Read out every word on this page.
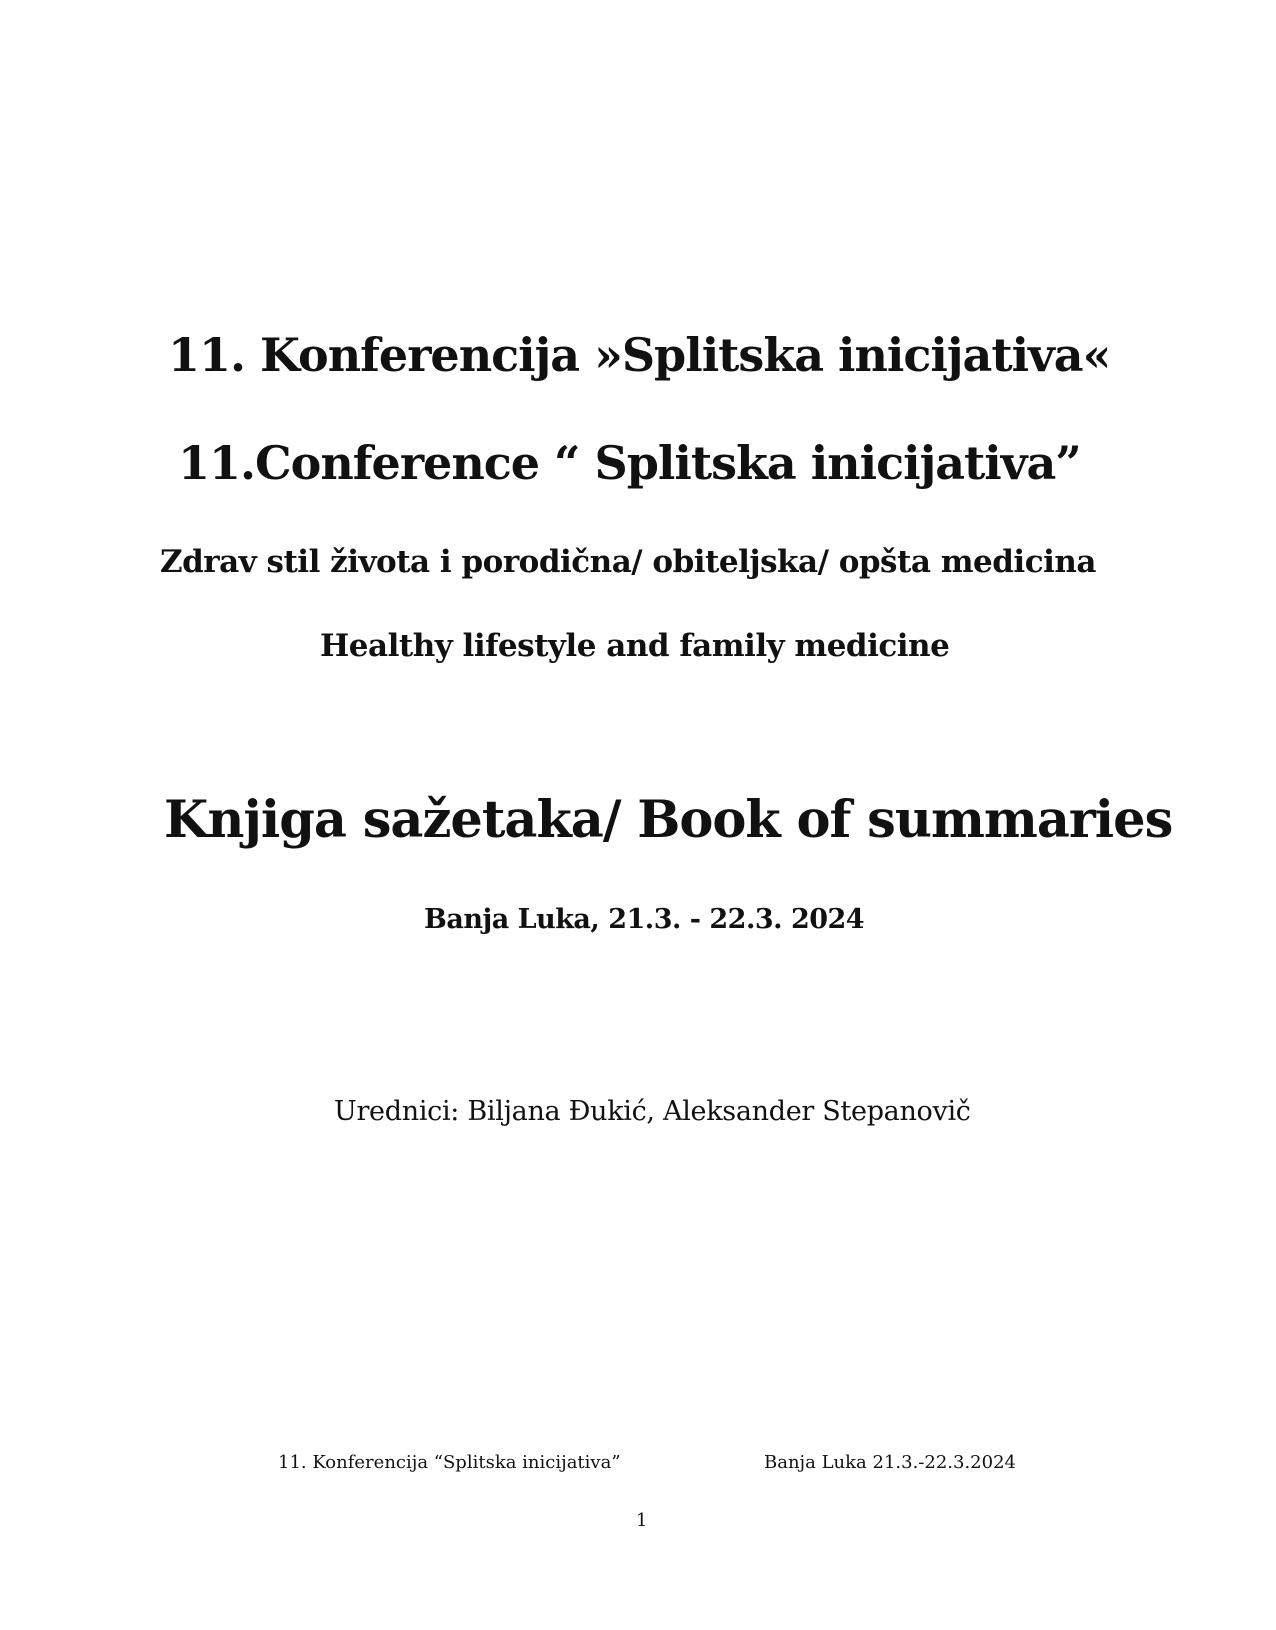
11. Konferencija »Splitska inicijativa«
11.Conference “ Splitska inicijativa”
Zdrav stil života i porodična/ obiteljska/ opšta medicina
Healthy lifestyle and family medicine
Knjiga sažetaka/ Book of summaries
Banja Luka, 21.3. - 22.3. 2024
Urednici: Biljana Đukić, Aleksander Stepanovič
11. Konferencija “Splitska inicijativa”	Banja Luka 21.3.-22.3.2024
1
